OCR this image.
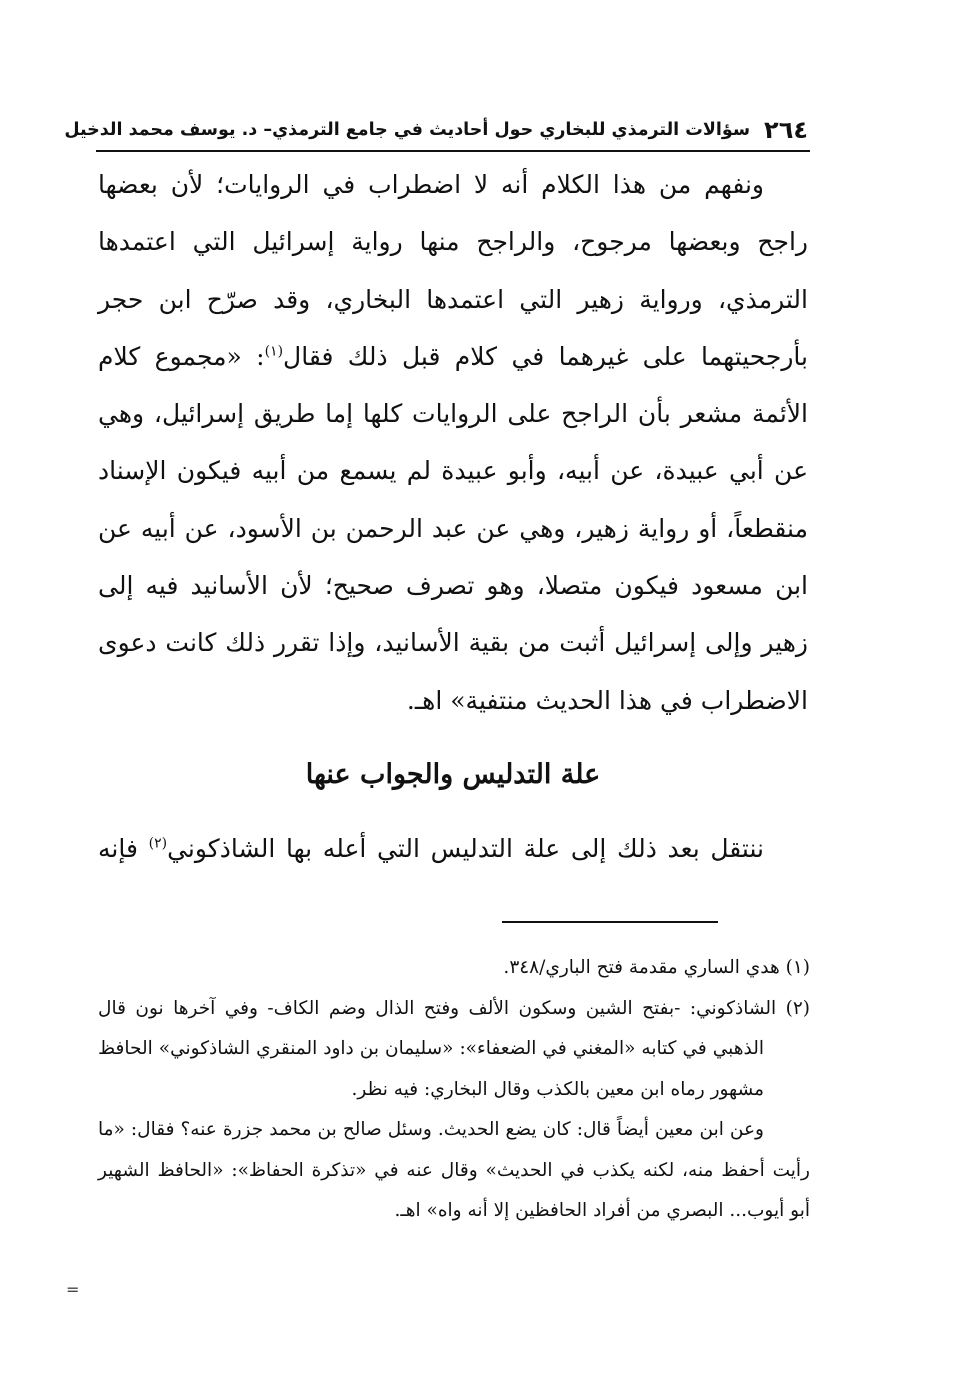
٢٦٤
سؤالات الترمذي للبخاري حول أحاديث في جامع الترمذي– د. يوسف محمد الدخيل

ونفهم من هذا الكلام أنه لا اضطراب في الروايات؛ لأن بعضها راجح وبعضها مرجوح، والراجح منها رواية إسرائيل التي اعتمدها الترمذي، ورواية زهير التي اعتمدها البخاري، وقد صرّح ابن حجر بأرجحيتهما على غيرهما في كلام قبل ذلك فقال$^{(١)}$: «مجموع كلام الأئمة مشعر بأن الراجح على الروايات كلها إما طريق إسرائيل، وهي عن أبي عبيدة، عن أبيه، وأبو عبيدة لم يسمع من أبيه فيكون الإسناد منقطعاً، أو رواية زهير، وهي عن عبد الرحمن بن الأسود، عن أبيه عن ابن مسعود فيكون متصلا، وهو تصرف صحيح؛ لأن الأسانيد فيه إلى زهير وإلى إسرائيل أثبت من بقية الأسانيد، وإذا تقرر ذلك كانت دعوى الاضطراب في هذا الحديث منتفية» اهـ.

علة التدليس والجواب عنها

ننتقل بعد ذلك إلى علة التدليس التي أعله بها الشاذكوني$^{(٢)}$ فإنه

(١) هدي الساري مقدمة فتح الباري/٣٤٨.

(٢) الشاذكوني: -بفتح الشين وسكون الألف وفتح الذال وضم الكاف- وفي آخرها نون قال الذهبي في كتابه «المغني في الضعفاء»: «سليمان بن داود المنقري الشاذكوني» الحافظ مشهور رماه ابن معين بالكذب وقال البخاري: فيه نظر.

وعن ابن معين أيضاً قال: كان يضع الحديث. وسئل صالح بن محمد جزرة عنه؟ فقال: «ما رأيت أحفظ منه، لكنه يكذب في الحديث» وقال عنه في «تذكرة الحفاظ»: «الحافظ الشهير أبو أيوب... البصري من أفراد الحافظين إلا أنه واه» اهـ.

=
